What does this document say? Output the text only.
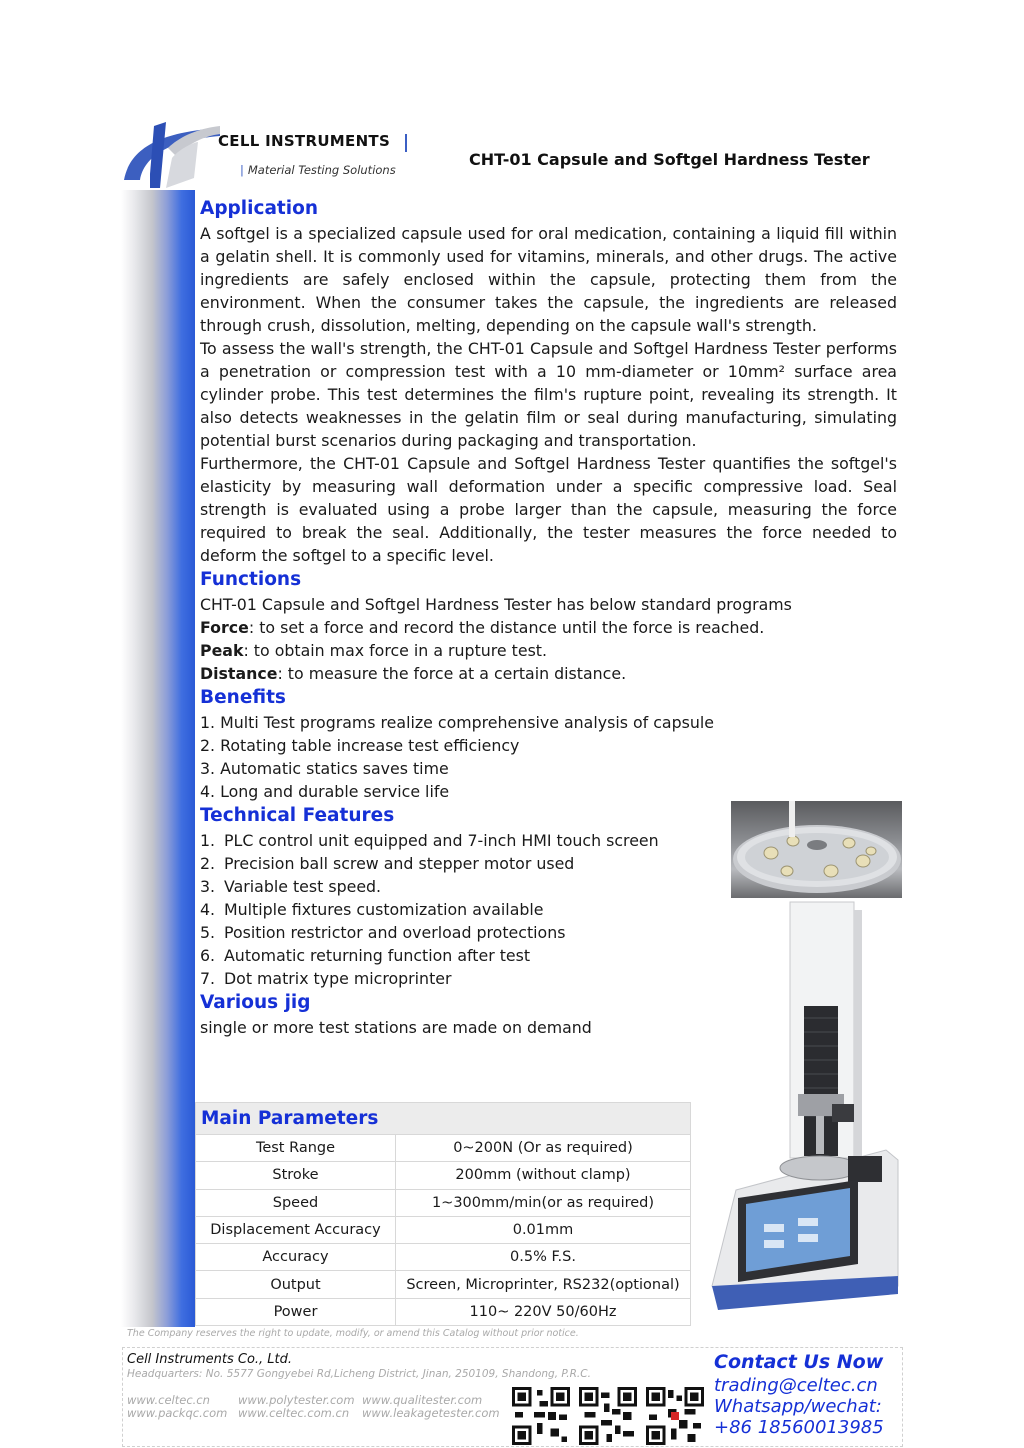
CELL INSTRUMENTS
| Material Testing Solutions
CHT-01 Capsule and Softgel Hardness Tester
Application

A softgel is a specialized capsule used for oral medication, containing a liquid fill within a gelatin shell. It is commonly used for vitamins, minerals, and other drugs. The active ingredients are safely enclosed within the capsule, protecting them from the environment. When the consumer takes the capsule, the ingredients are released through crush, dissolution, melting, depending on the capsule wall's strength.

To assess the wall's strength, the CHT-01 Capsule and Softgel Hardness Tester performs a penetration or compression test with a 10 mm-diameter or 10mm² surface area cylinder probe. This test determines the film's rupture point, revealing its strength. It also detects weaknesses in the gelatin film or seal during manufacturing, simulating potential burst scenarios during packaging and transportation.

Furthermore, the CHT-01 Capsule and Softgel Hardness Tester quantifies the softgel's elasticity by measuring wall deformation under a specific compressive load. Seal strength is evaluated using a probe larger than the capsule, measuring the force required to break the seal. Additionally, the tester measures the force needed to deform the softgel to a specific level.

Functions
CHT-01 Capsule and Softgel Hardness Tester has below standard programs
Force: to set a force and record the distance until the force is reached.
Peak: to obtain max force in a rupture test.
Distance: to measure the force at a certain distance.
Benefits
1. Multi Test programs realize comprehensive analysis of capsule
2. Rotating table increase test efficiency
3. Automatic statics saves time
4. Long and durable service life
Technical Features
1. PLC control unit equipped and 7-inch HMI touch screen
2. Precision ball screw and stepper motor used
3. Variable test speed.
4. Multiple fixtures customization available
5. Position restrictor and overload protections
6. Automatic returning function after test
7. Dot matrix type microprinter
Various jig
single or more test stations are made on demand
Main Parameters	
Test Range	0~200N (Or as required)
Stroke	200mm (without clamp)
Speed	1~300mm/min(or as required)
Displacement Accuracy	0.01mm
Accuracy	0.5% F.S.
Output	Screen, Microprinter, RS232(optional)
Power	110~ 220V 50/60Hz
The Company reserves the right to update, modify, or amend this Catalog without prior notice.
Cell Instruments Co., Ltd.
Headquarters: No. 5577 Gongyebei Rd,Licheng District, Jinan, 250109, Shandong, P.R.C.
www.celtec.cn
www.packqc.com
www.polytester.com
www.celtec.com.cn
www.qualitester.com
www.leakagetester.com
Contact Us Now
trading@celtec.cn
Whatsapp/wechat:
+86 18560013985
